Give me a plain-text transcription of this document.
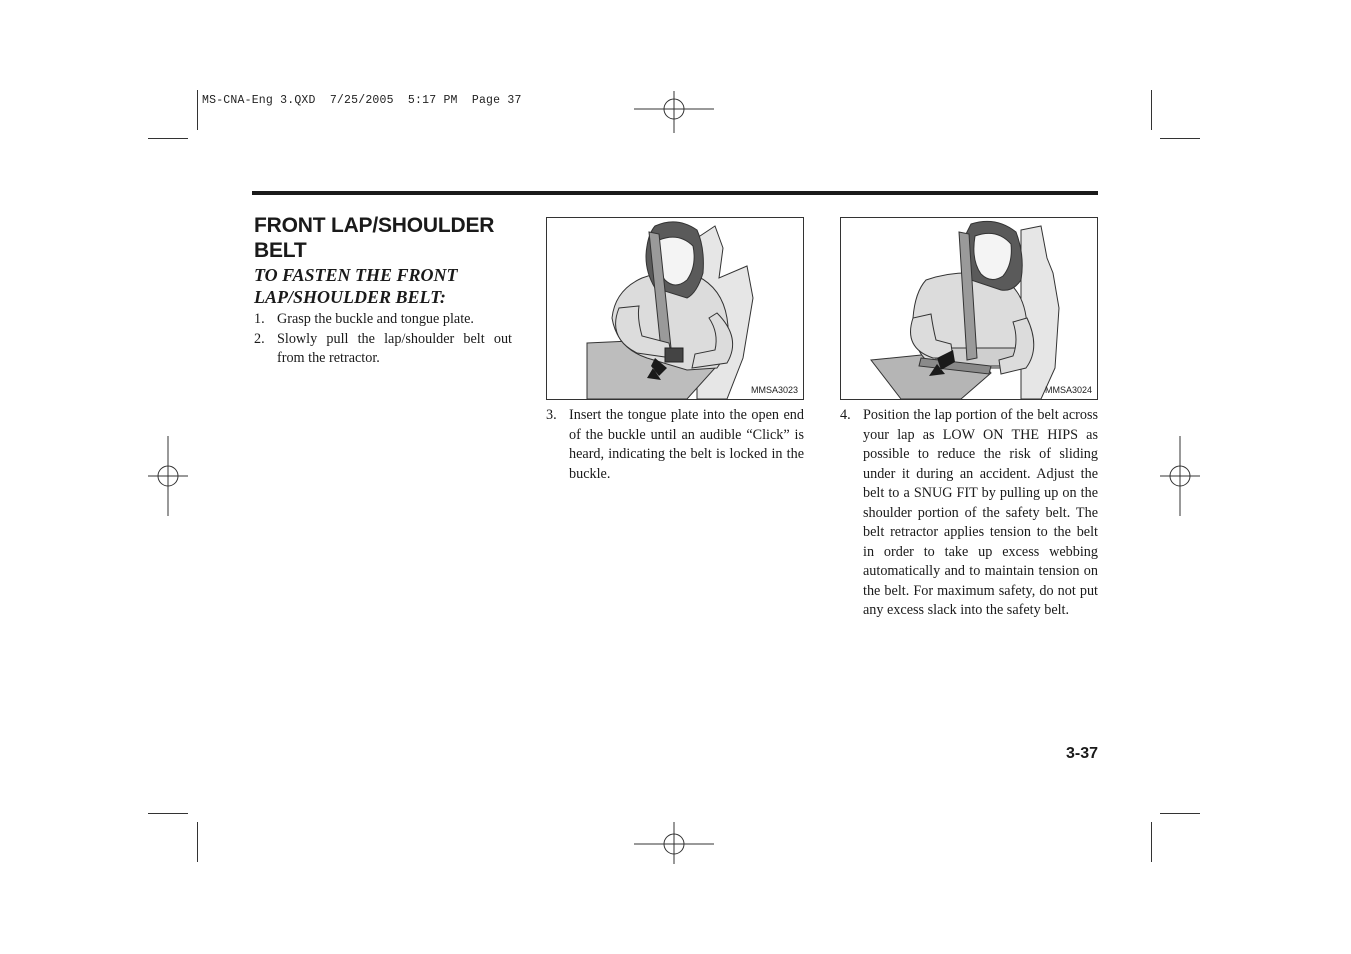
MS-CNA-Eng 3.QXD  7/25/2005  5:17 PM  Page 37
FRONT LAP/SHOULDER BELT
TO FASTEN THE FRONT LAP/SHOULDER BELT:
1. Grasp the buckle and tongue plate.
2. Slowly pull the lap/shoulder belt out from the retractor.
MMSA3023
3. Insert the tongue plate into the open end of the buckle until an audible “Click” is heard, indicating the belt is locked in the buckle.
MMSA3024
4. Position the lap portion of the belt across your lap as LOW ON THE HIPS as possible to reduce the risk of sliding under it during an accident. Adjust the belt to a SNUG FIT by pulling up on the shoulder portion of the safety belt. The belt retractor applies tension to the belt in order to take up excess webbing automatically and to maintain tension on the belt. For maximum safety, do not put any excess slack into the safety belt.
3-37
